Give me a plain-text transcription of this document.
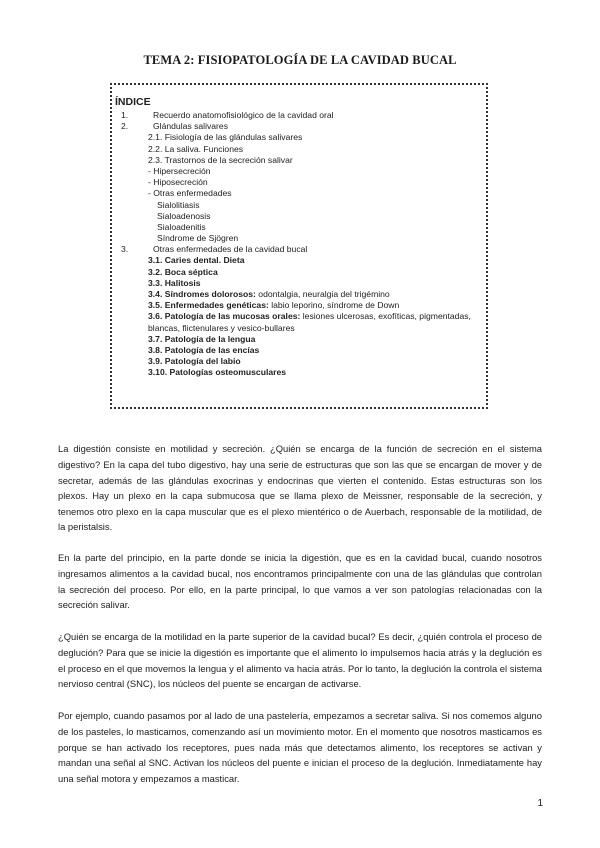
TEMA 2: FISIOPATOLOGÍA DE LA CAVIDAD BUCAL
ÍNDICE
1.	Recuerdo anatomofisiológico de la cavidad oral
2.	Glándulas salivares
2.1. Fisiología de las glándulas salivares
2.2. La saliva. Funciones
2.3. Trastornos de la secreción salivar
- Hipersecreción
- Hiposecreción
- Otras enfermedades
Sialolitiasis
Sialoadenosis
Sialoadenitis
Síndrome de Sjögren
3.	Otras enfermedades de la cavidad bucal
3.1. Caries dental. Dieta
3.2. Boca séptica
3.3. Halitosis
3.4. Síndromes dolorosos: odontalgia, neuralgia del trigémino
3.5. Enfermedades genéticas: labio leporino, síndrome de Down
3.6. Patología de las mucosas orales: lesiones ulcerosas, exofíticas, pigmentadas,
blancas, flictenulares y vesico-bullares
3.7. Patología de la lengua
3.8. Patología de las encías
3.9. Patología del labio
3.10. Patologías osteomusculares

La digestión consiste en motilidad y secreción. ¿Quién se encarga de la función de secreción en el sistema digestivo? En la capa del tubo digestivo, hay una serie de estructuras que son las que se encargan de mover y de secretar, además de las glándulas exocrinas y endocrinas que vierten el contenido. Estas estructuras son los plexos. Hay un plexo en la capa submucosa que se llama plexo de Meissner, responsable de la secreción, y tenemos otro plexo en la capa muscular que es el plexo mientérico o de Auerbach, responsable de la motilidad, de la peristalsis.

En la parte del principio, en la parte donde se inicia la digestión, que es en la cavidad bucal, cuando nosotros ingresamos alimentos a la cavidad bucal, nos encontramos principalmente con una de las glándulas que controlan la secreción del proceso. Por ello, en la parte principal, lo que vamos a ver son patologías relacionadas con la secreción salivar.

¿Quién se encarga de la motilidad en la parte superior de la cavidad bucal? Es decir, ¿quién controla el proceso de deglución? Para que se inicie la digestión es importante que el alimento lo impulsemos hacia atrás y la deglución es el proceso en el que movemos la lengua y el alimento va hacia atrás. Por lo tanto, la deglución la controla el sistema nervioso central (SNC), los núcleos del puente se encargan de activarse.

Por ejemplo, cuando pasamos por al lado de una pastelería, empezamos a secretar saliva. Si nos comemos alguno de los pasteles, lo masticamos, comenzando así un movimiento motor. En el momento que nosotros masticamos es porque se han activado los receptores, pues nada más que detectamos alimento, los receptores se activan y mandan una señal al SNC. Activan los núcleos del puente e inician el proceso de la deglución. Inmediatamente hay una señal motora y empezamos a masticar.

1
